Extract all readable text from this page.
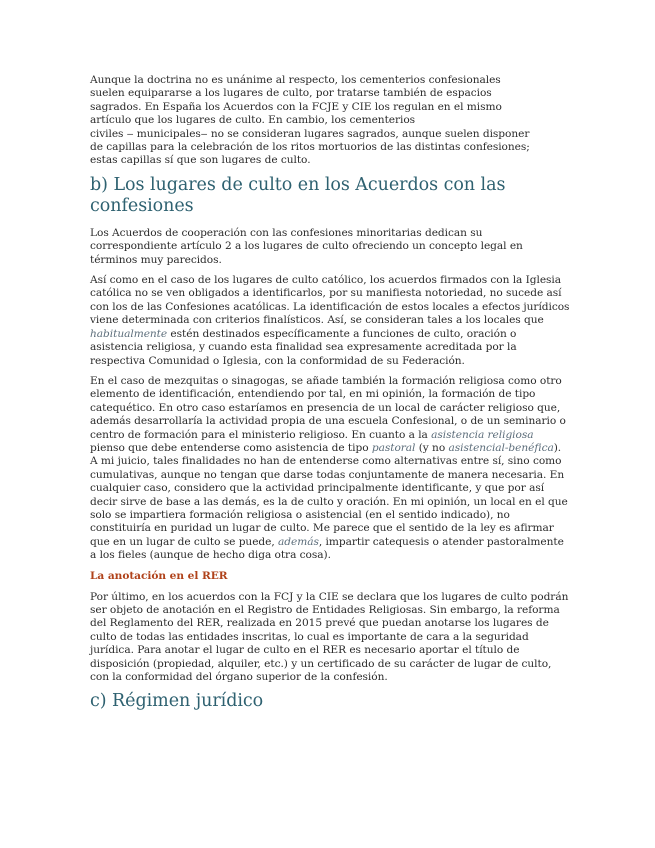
Aunque la doctrina no es unánime al respecto, los cementerios confesionales
suelen equipararse a los lugares de culto, por tratarse también de espacios
sagrados. En España los Acuerdos con la FCJE y CIE los regulan en el mismo
artículo que los lugares de culto. En cambio, los cementerios
civiles ‒ municipales‒ no se consideran lugares sagrados, aunque suelen disponer
de capillas para la celebración de los ritos mortuorios de las distintas confesiones;
estas capillas sí que son lugares de culto.

b) Los lugares de culto en los Acuerdos con las confesiones

Los Acuerdos de cooperación con las confesiones minoritarias dedican su correspondiente artículo 2 a los lugares de culto ofreciendo un concepto legal en términos muy parecidos.

Así como en el caso de los lugares de culto católico, los acuerdos firmados con la Iglesia católica no se ven obligados a identificarlos, por su manifiesta notoriedad, no sucede así con los de las Confesiones acatólicas. La identificación de estos locales a efectos jurídicos viene determinada con criterios finalísticos. Así, se consideran tales a los locales que habitualmente estén destinados específicamente a funciones de culto, oración o asistencia religiosa, y cuando esta finalidad sea expresamente acreditada por la respectiva Comunidad o Iglesia, con la conformidad de su Federación.

En el caso de mezquitas o sinagogas, se añade también la formación religiosa como otro elemento de identificación, entendiendo por tal, en mi opinión, la formación de tipo catequético. En otro caso estaríamos en presencia de un local de carácter religioso que, además desarrollaría la actividad propia de una escuela Confesional, o de un seminario o centro de formación para el ministerio religioso. En cuanto a la asistencia religiosa pienso que debe entenderse como asistencia de tipo pastoral (y no asistencial-benéfica). A mi juicio, tales finalidades no han de entenderse como alternativas entre sí, sino como cumulativas, aunque no tengan que darse todas conjuntamente de manera necesaria. En cualquier caso, considero que la actividad principalmente identificante, y que por así decir sirve de base a las demás, es la de culto y oración. En mi opinión, un local en el que solo se impartiera formación religiosa o asistencial (en el sentido indicado), no constituiría en puridad un lugar de culto. Me parece que el sentido de la ley es afirmar que en un lugar de culto se puede, además, impartir catequesis o atender pastoralmente a los fieles (aunque de hecho diga otra cosa).

La anotación en el RER

Por último, en los acuerdos con la FCJ y la CIE se declara que los lugares de culto podrán ser objeto de anotación en el Registro de Entidades Religiosas. Sin embargo, la reforma del Reglamento del RER, realizada en 2015 prevé que puedan anotarse los lugares de culto de todas las entidades inscritas, lo cual es importante de cara a la seguridad jurídica. Para anotar el lugar de culto en el RER es necesario aportar el título de disposición (propiedad, alquiler, etc.) y un certificado de su carácter de lugar de culto, con la conformidad del órgano superior de la confesión.

c) Régimen jurídico
